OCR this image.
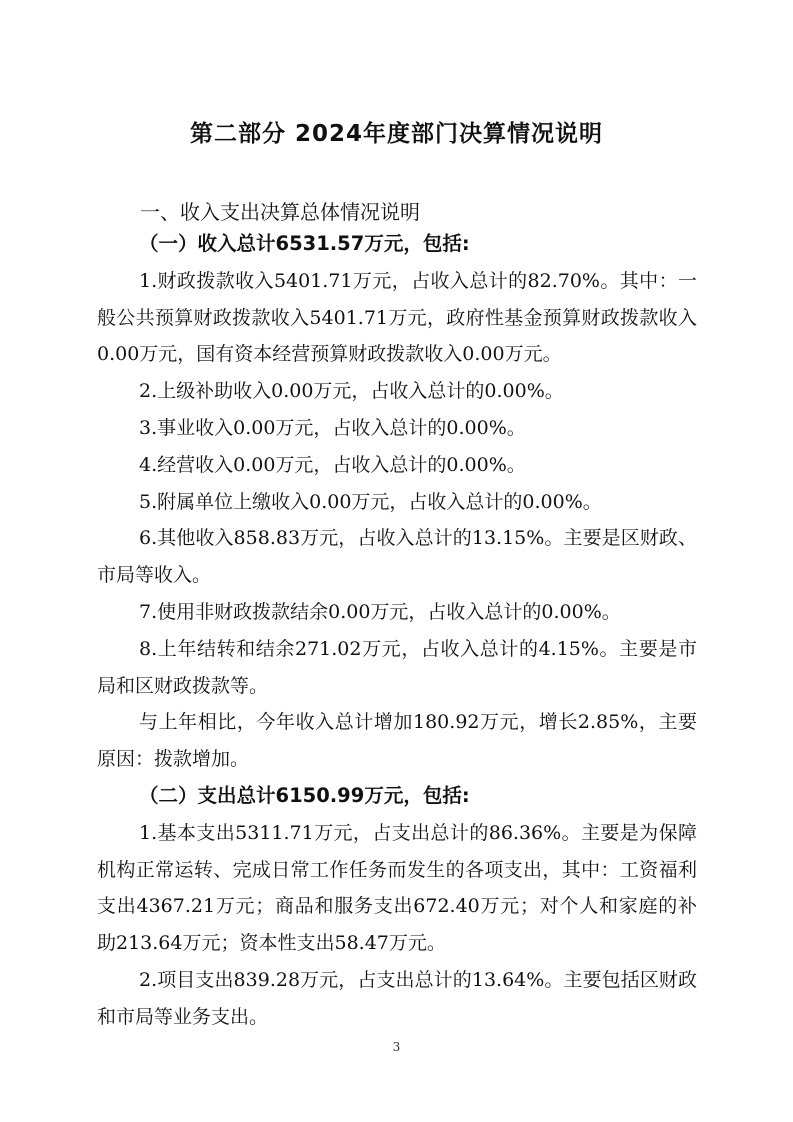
第二部分 2024年度部门决算情况说明
一、收入支出决算总体情况说明

（一）收入总计6531.57万元，包括:

1.财政拨款收入5401.71万元，占收入总计的82.70%。其中：一般公共预算财政拨款收入5401.71万元，政府性基金预算财政拨款收入0.00万元，国有资本经营预算财政拨款收入0.00万元。

2.上级补助收入0.00万元，占收入总计的0.00%。

3.事业收入0.00万元，占收入总计的0.00%。

4.经营收入0.00万元，占收入总计的0.00%。

5.附属单位上缴收入0.00万元，占收入总计的0.00%。

6.其他收入858.83万元，占收入总计的13.15%。主要是区财政、市局等收入。

7.使用非财政拨款结余0.00万元，占收入总计的0.00%。

8.上年结转和结余271.02万元，占收入总计的4.15%。主要是市局和区财政拨款等。

与上年相比，今年收入总计增加180.92万元，增长2.85%，主要原因：拨款增加。

（二）支出总计6150.99万元，包括:

1.基本支出5311.71万元，占支出总计的86.36%。主要是为保障机构正常运转、完成日常工作任务而发生的各项支出，其中：工资福利支出4367.21万元；商品和服务支出672.40万元；对个人和家庭的补助213.64万元；资本性支出58.47万元。

2.项目支出839.28万元，占支出总计的13.64%。主要包括区财政和市局等业务支出。

3
